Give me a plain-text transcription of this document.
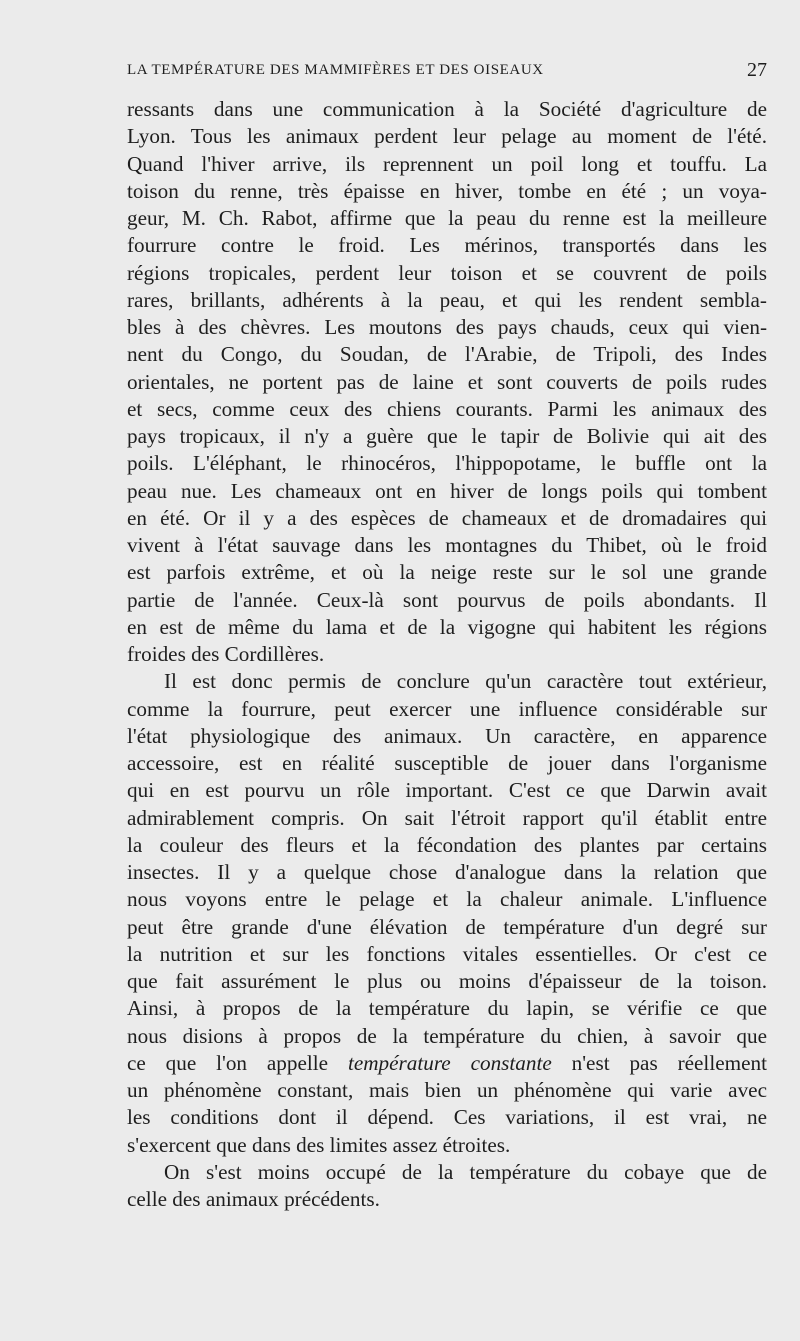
LA TEMPÉRATURE DES MAMMIFÈRES ET DES OISEAUX	27
ressants dans une communication à la Société d'agriculture de
Lyon. Tous les animaux perdent leur pelage au moment de l'été.
Quand l'hiver arrive, ils reprennent un poil long et touffu. La
toison du renne, très épaisse en hiver, tombe en été ; un voya-
geur, M. Ch. Rabot, affirme que la peau du renne est la meilleure
fourrure contre le froid. Les mérinos, transportés dans les
régions tropicales, perdent leur toison et se couvrent de poils
rares, brillants, adhérents à la peau, et qui les rendent sembla-
bles à des chèvres. Les moutons des pays chauds, ceux qui vien-
nent du Congo, du Soudan, de l'Arabie, de Tripoli, des Indes
orientales, ne portent pas de laine et sont couverts de poils rudes
et secs, comme ceux des chiens courants. Parmi les animaux des
pays tropicaux, il n'y a guère que le tapir de Bolivie qui ait des
poils. L'éléphant, le rhinocéros, l'hippopotame, le buffle ont la
peau nue. Les chameaux ont en hiver de longs poils qui tombent
en été. Or il y a des espèces de chameaux et de dromadaires qui
vivent à l'état sauvage dans les montagnes du Thibet, où le froid
est parfois extrême, et où la neige reste sur le sol une grande
partie de l'année. Ceux-là sont pourvus de poils abondants. Il
en est de même du lama et de la vigogne qui habitent les régions
froides des Cordillères.
Il est donc permis de conclure qu'un caractère tout extérieur,
comme la fourrure, peut exercer une influence considérable sur
l'état physiologique des animaux. Un caractère, en apparence
accessoire, est en réalité susceptible de jouer dans l'organisme
qui en est pourvu un rôle important. C'est ce que Darwin avait
admirablement compris. On sait l'étroit rapport qu'il établit entre
la couleur des fleurs et la fécondation des plantes par certains
insectes. Il y a quelque chose d'analogue dans la relation que
nous voyons entre le pelage et la chaleur animale. L'influence
peut être grande d'une élévation de température d'un degré sur
la nutrition et sur les fonctions vitales essentielles. Or c'est ce
que fait assurément le plus ou moins d'épaisseur de la toison.
Ainsi, à propos de la température du lapin, se vérifie ce que
nous disions à propos de la température du chien, à savoir que
ce que l'on appelle température constante n'est pas réellement
un phénomène constant, mais bien un phénomène qui varie avec
les conditions dont il dépend. Ces variations, il est vrai, ne
s'exercent que dans des limites assez étroites.
On s'est moins occupé de la température du cobaye que de
celle des animaux précédents.
